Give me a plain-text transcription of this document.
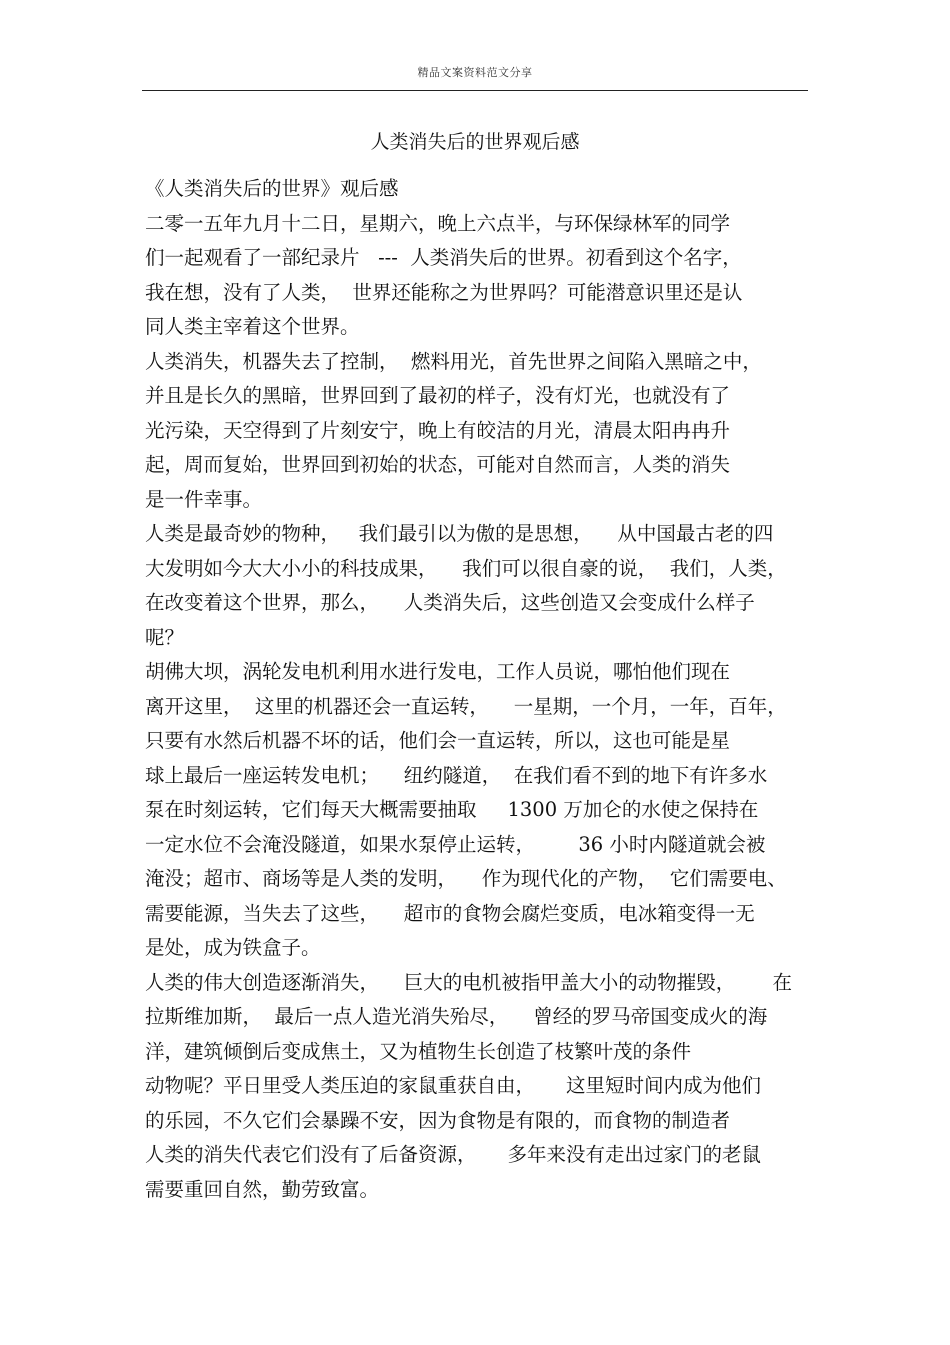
精品文案资料范文分享
人类消失后的世界观后感
《人类消失后的世界》观后感
二零一五年九月十二日，星期六，晚上六点半，与环保绿林军的同学
们一起观看了一部纪录片   ---  人类消失后的世界。初看到这个名字，
我在想，没有了人类，  世界还能称之为世界吗？可能潜意识里还是认
同人类主宰着这个世界。
人类消失，机器失去了控制，  燃料用光，首先世界之间陷入黑暗之中，
并且是长久的黑暗，世界回到了最初的样子，没有灯光，也就没有了
光污染，天空得到了片刻安宁，晚上有皎洁的月光，清晨太阳冉冉升
起，周而复始，世界回到初始的状态，可能对自然而言，人类的消失
是一件幸事。
人类是最奇妙的物种，   我们最引以为傲的是思想，    从中国最古老的四
大发明如今大大小小的科技成果，    我们可以很自豪的说，  我们，人类，
在改变着这个世界，那么，    人类消失后，这些创造又会变成什么样子
呢？
胡佛大坝，涡轮发电机利用水进行发电，工作人员说，哪怕他们现在
离开这里，  这里的机器还会一直运转，    一星期，一个月，一年，百年，
只要有水然后机器不坏的话，他们会一直运转，所以，这也可能是星
球上最后一座运转发电机；    纽约隧道，  在我们看不到的地下有许多水
泵在时刻运转，它们每天大概需要抽取     1300 万加仑的水使之保持在
一定水位不会淹没隧道，如果水泵停止运转，       36 小时内隧道就会被
淹没；超市、商场等是人类的发明，    作为现代化的产物，  它们需要电、
需要能源，当失去了这些，    超市的食物会腐烂变质，电冰箱变得一无
是处，成为铁盒子。
人类的伟大创造逐渐消失，    巨大的电机被指甲盖大小的动物摧毁，      在
拉斯维加斯，  最后一点人造光消失殆尽，    曾经的罗马帝国变成火的海
洋，建筑倾倒后变成焦土，又为植物生长创造了枝繁叶茂的条件
动物呢？平日里受人类压迫的家鼠重获自由，     这里短时间内成为他们
的乐园，不久它们会暴躁不安，因为食物是有限的，而食物的制造者
人类的消失代表它们没有了后备资源，     多年来没有走出过家门的老鼠
需要重回自然，勤劳致富。
